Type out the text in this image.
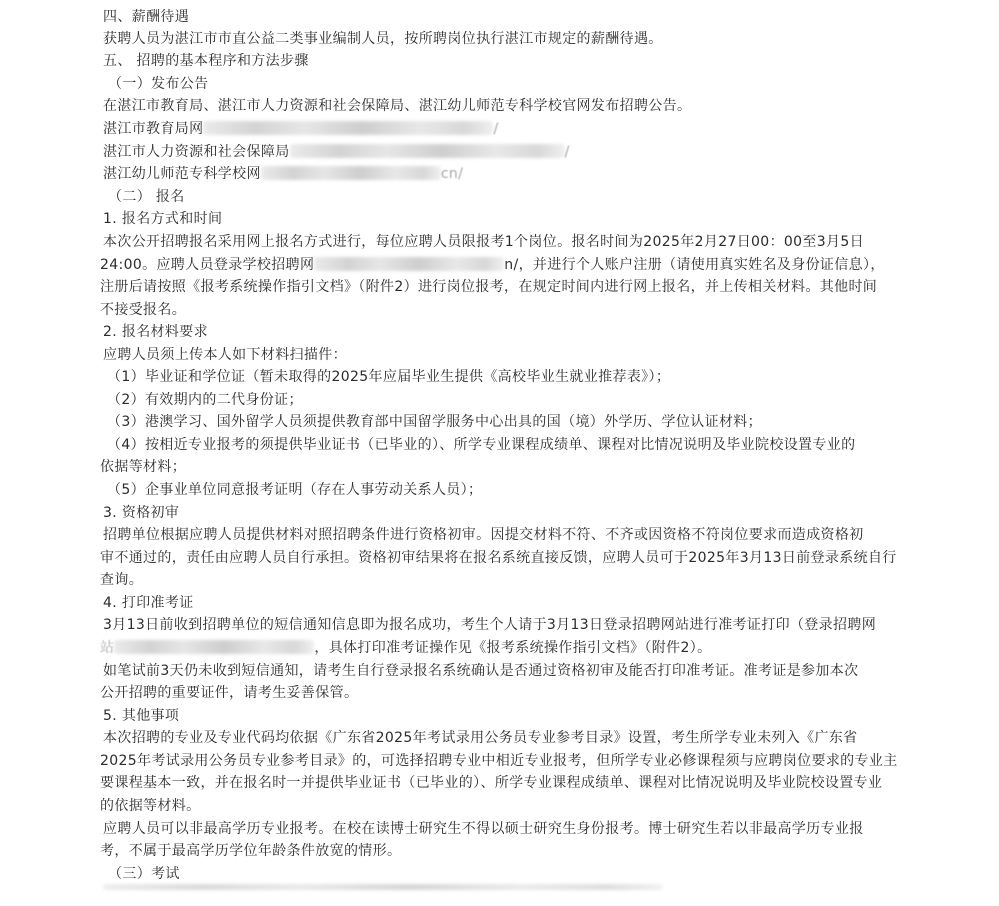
四、薪酬待遇
获聘人员为湛江市市直公益二类事业编制人员，按所聘岗位执行湛江市规定的薪酬待遇。
五、 招聘的基本程序和方法步骤
（一）发布公告
在湛江市教育局、湛江市人力资源和社会保障局、湛江幼儿师范专科学校官网发布招聘公告。
湛江市教育局网	/
湛江市人力资源和社会保障局	/
湛江幼儿师范专科学校网	cn/
（二） 报名
1. 报名方式和时间
本次公开招聘报名采用网上报名方式进行，每位应聘人员限报考1个岗位。报名时间为2025年2月27日00：00至3月5日
24:00。应聘人员登录学校招聘网	n/，并进行个人账户注册（请使用真实姓名及身份证信息），
注册后请按照《报考系统操作指引文档》（附件2）进行岗位报考，在规定时间内进行网上报名，并上传相关材料。其他时间
不接受报名。
2. 报名材料要求
应聘人员须上传本人如下材料扫描件：
（1）毕业证和学位证（暂未取得的2025年应届毕业生提供《高校毕业生就业推荐表》）；
（2）有效期内的二代身份证；
（3）港澳学习、国外留学人员须提供教育部中国留学服务中心出具的国（境）外学历、学位认证材料；
（4）按相近专业报考的须提供毕业证书（已毕业的）、所学专业课程成绩单、课程对比情况说明及毕业院校设置专业的
依据等材料；
（5）企事业单位同意报考证明（存在人事劳动关系人员）；
3. 资格初审
招聘单位根据应聘人员提供材料对照招聘条件进行资格初审。因提交材料不符、不齐或因资格不符岗位要求而造成资格初
审不通过的，责任由应聘人员自行承担。资格初审结果将在报名系统直接反馈，应聘人员可于2025年3月13日前登录系统自行
查询。
4. 打印准考证
3月13日前收到招聘单位的短信通知信息即为报名成功，考生个人请于3月13日登录招聘网站进行准考证打印（登录招聘网
站	，具体打印准考证操作见《报考系统操作指引文档》（附件2）。
如笔试前3天仍未收到短信通知，请考生自行登录报名系统确认是否通过资格初审及能否打印准考证。准考证是参加本次
公开招聘的重要证件，请考生妥善保管。
5. 其他事项
本次招聘的专业及专业代码均依据《广东省2025年考试录用公务员专业参考目录》设置，考生所学专业未列入《广东省
2025年考试录用公务员专业参考目录》的，可选择招聘专业中相近专业报考，但所学专业必修课程须与应聘岗位要求的专业主
要课程基本一致，并在报名时一并提供毕业证书（已毕业的）、所学专业课程成绩单、课程对比情况说明及毕业院校设置专业
的依据等材料。
应聘人员可以非最高学历专业报考。在校在读博士研究生不得以硕士研究生身份报考。博士研究生若以非最高学历专业报
考，不属于最高学历学位年龄条件放宽的情形。
（三）考试
